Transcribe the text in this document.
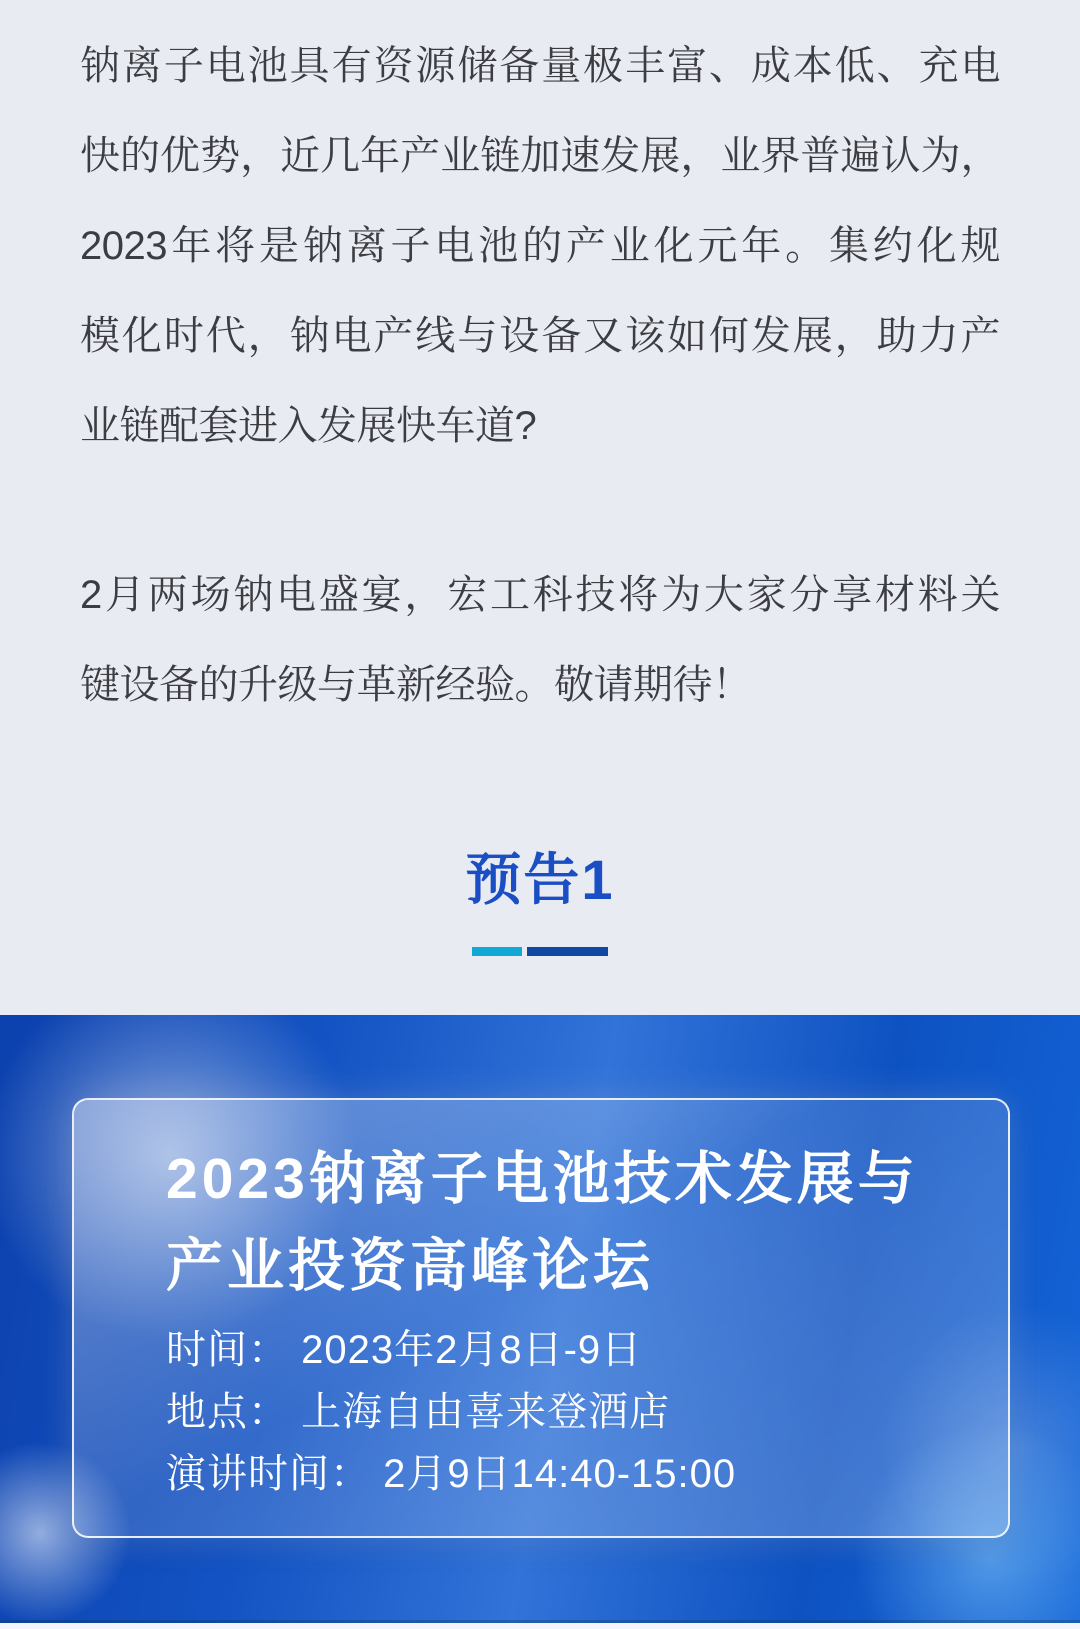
钠离子电池具有资源储备量极丰富、成本低、充电
快的优势，近几年产业链加速发展，业界普遍认为，
2023年将是钠离子电池的产业化元年。集约化规
模化时代，钠电产线与设备又该如何发展，助力产
业链配套进入发展快车道?
2月两场钠电盛宴，宏工科技将为大家分享材料关
键设备的升级与革新经验。敬请期待！
预告1
2023钠离子电池技术发展与
产业投资高峰论坛
时间： 2023年2月8日-9日
地点： 上海自由喜来登酒店
演讲时间： 2月9日14:40-15:00
